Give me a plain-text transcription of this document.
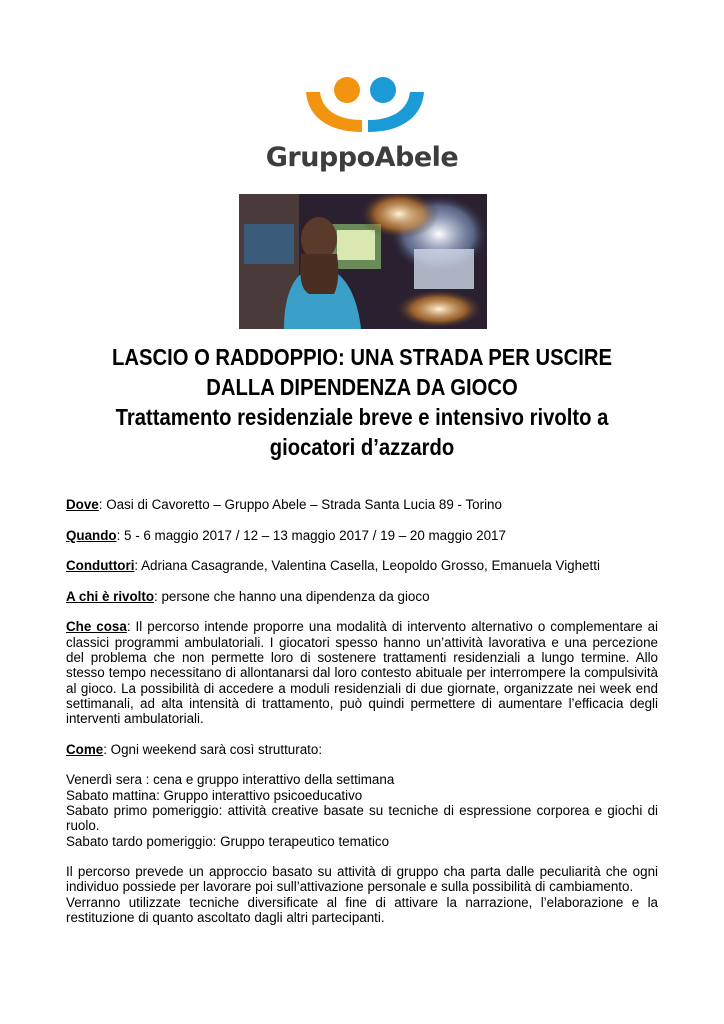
GruppoAbele
LASCIO O RADDOPPIO: UNA STRADA PER USCIRE
DALLA DIPENDENZA DA GIOCO
Trattamento residenziale breve e intensivo rivolto a
giocatori d’azzardo

Dove: Oasi di Cavoretto – Gruppo Abele – Strada Santa Lucia 89 - Torino

Quando: 5 - 6 maggio 2017 / 12 – 13 maggio 2017 / 19 – 20 maggio 2017

Conduttori: Adriana Casagrande, Valentina Casella, Leopoldo Grosso, Emanuela Vighetti

A chi è rivolto: persone che hanno una dipendenza da gioco

Che cosa: Il percorso intende proporre una modalità di intervento alternativo o complementare ai classici programmi ambulatoriali. I giocatori spesso hanno un’attività lavorativa e una percezione del problema che non permette loro di sostenere trattamenti residenziali a lungo termine. Allo stesso tempo necessitano di allontanarsi dal loro contesto abituale per interrompere la compulsività al gioco. La possibilità di accedere a moduli residenziali di due giornate, organizzate nei week end settimanali, ad alta intensità di trattamento, può quindi permettere di aumentare l’efficacia degli interventi ambulatoriali.

Come: Ogni weekend sarà così strutturato:

Venerdì sera : cena e gruppo interattivo della settimana
Sabato mattina: Gruppo interattivo psicoeducativo
Sabato primo pomeriggio: attività creative basate su tecniche di espressione corporea e giochi di ruolo.
Sabato tardo pomeriggio: Gruppo terapeutico tematico

Il percorso prevede un approccio basato su attività di gruppo cha parta dalle peculiarità che ogni individuo possiede per lavorare poi sull’attivazione personale e sulla possibilità di cambiamento.
Verranno utilizzate tecniche diversificate al fine di attivare la narrazione, l’elaborazione e la restituzione di quanto ascoltato dagli altri partecipanti.
